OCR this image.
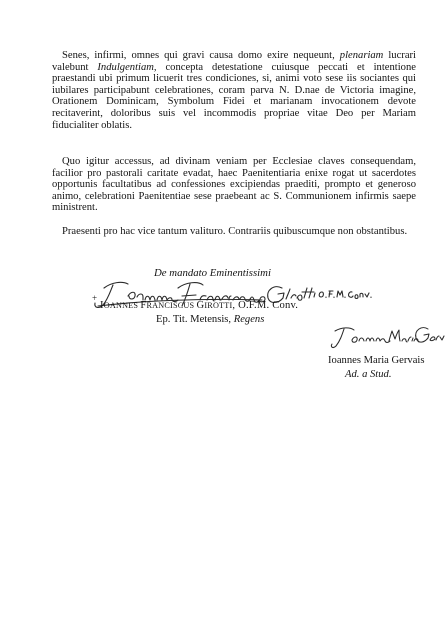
Senes, infirmi, omnes qui gravi causa domo exire nequeunt, plenariam lucrari valebunt Indulgentiam, concepta detestatione cuiusque peccati et intentione praestandi ubi primum licuerit tres condiciones, si, animi voto sese iis sociantes qui iubilares participabunt celebrationes, coram parva N. D.nae de Victoria imagine, Orationem Dominicam, Symbolum Fidei et marianam invocationem devote recitaverint, doloribus suis vel incommodis propriae vitae Deo per Mariam fiducialiter oblatis.

Quo igitur accessus, ad divinam veniam per Ecclesiae claves consequendam, facilior pro pastorali caritate evadat, haec Paenitentiaria enixe rogat ut sacerdotes opportunis facultatibus ad confessiones excipiendas praediti, prompto et generoso animo, celebrationi Paenitentiae sese praebeant ac S. Communionem infirmis saepe ministrent.

Praesenti pro hac vice tantum valituro. Contrariis quibuscumque non obstantibus.

De mandato Eminentissimi
+
IOANNES FRANCISCUS GIROTTI, O.F.M. Conv.
Ep. Tit. Metensis, Regens
Ioannes Maria Gervais
Ad. a Stud.
